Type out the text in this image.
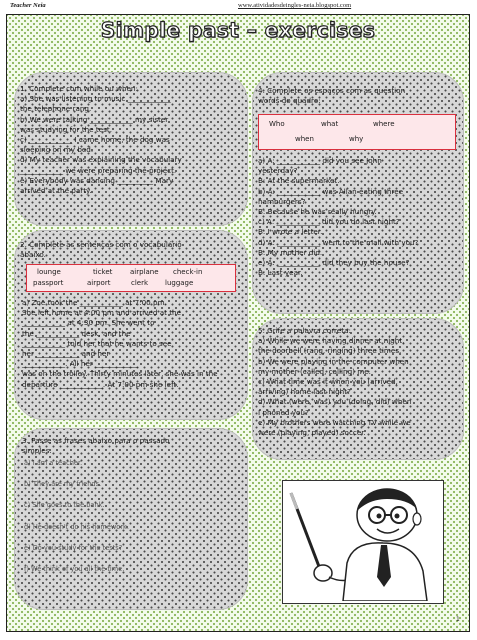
Teacher Neia	www.atividadesdeingles-neia.blogspot.com
Simple past – exercises

1. Complete com while ou when:

a) She was listening to music ____________

the telephone rang.

b) We were talking ____________ my sister

was studying for the test.

c) ____________ I came home, the dog was

sleeping on my bed.

d) My teacher was explaining the vocabulary

____________ we were preparing the project.

e) Everybody was dancing __________ Mary

arrived at the party.

2. Complete as sentenças com o vocabulário

abaixo.

lounge	ticket	airplane check-in
passport	airport	clerk luggage

a) Zoe took the ____________ at 7:00 pm.

She left home at 4:00 pm and arrived at the

____________ at 4:30 pm. She went to

the ____________ desk, and the

____________ told her that he wants to see

her ____________ and her

____________. All her ____________

was on the trolley. Thirty minutes later, she was in the

departure ____________. At 7:00 pm she left.

3. Passe as frases abaixo para o passado

simples.

a) I am a teacher.

b) They are my friends.

c) She goes to the bank.

d) He doesn't do his homework.

e) Do you study for the tests?

f) We think of you all the time.

4. Complete os espaços com as question

words do quadro:

Who	what	where
when	why

a) A: ____________ did you see John

yesterday?

B: At the supermarket.

b) A: ____________ was Allan eating three

hamburgers?

B: Because he was really hungry.

c) A: ____________ did you do last night?

B: I wrote a letter.

d) A: ____________ went to the mall with you?

B: My mother did.

e) A: ____________ did they buy the house?

B: Last year.

5. Grife a palavra correta:

a) While we were having dinner at night,

the doorbell (rang, ringing) three times.

b) We were playing in the computer when

my mother (called, calling) me.

c) What time was it when you (arrived,

arriving) home last night?

d) What (were, was) you (doing, did) when

I phoned you?

e) My brothers were watching TV while we

were (playing, played) soccer.

1
